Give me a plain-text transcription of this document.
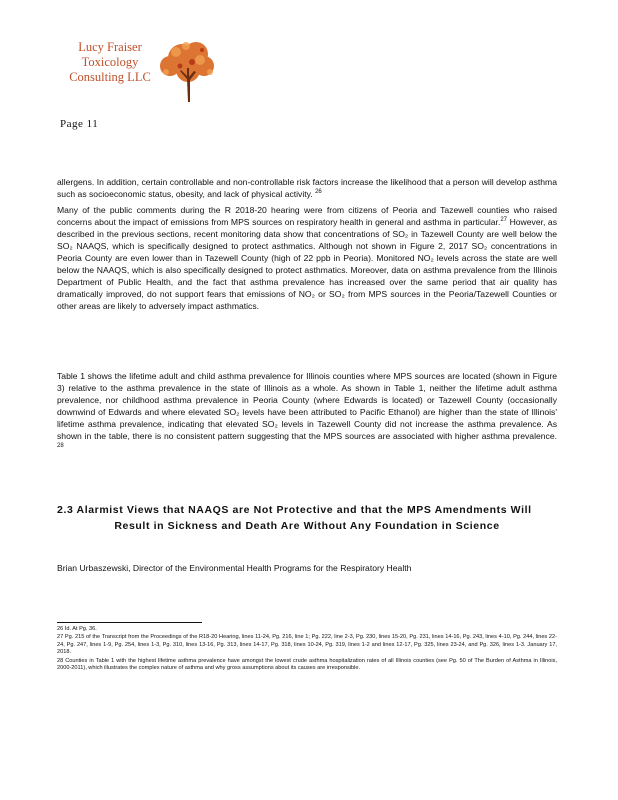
Lucy Fraiser
Toxicology
Consulting LLC
Page 11

allergens. In addition, certain controllable and non-controllable risk factors increase the likelihood that a person will develop asthma such as socioeconomic status, obesity, and lack of physical activity. $^{26}$

Many of the public comments during the R 2018-20 hearing were from citizens of Peoria and Tazewell counties who raised concerns about the impact of emissions from MPS sources on respiratory health in general and asthma in particular.$^{27}$ However, as described in the previous sections, recent monitoring data show that concentrations of SO₂ in Tazewell County are well below the SO₂ NAAQS, which is specifically designed to protect asthmatics. Although not shown in Figure 2, 2017 SO₂ concentrations in Peoria County are even lower than in Tazewell County (high of 22 ppb in Peoria). Monitored NO₂ levels across the state are well below the NAAQS, which is also specifically designed to protect asthmatics. Moreover, data on asthma prevalence from the Illinois Department of Public Health, and the fact that asthma prevalence has increased over the same period that air quality has dramatically improved, do not support fears that emissions of NO₂ or SO₂ from MPS sources in the Peoria/Tazewell Counties or other areas are likely to adversely impact asthmatics.

Table 1 shows the lifetime adult and child asthma prevalence for Illinois counties where MPS sources are located (shown in Figure 3) relative to the asthma prevalence in the state of Illinois as a whole. As shown in Table 1, neither the lifetime adult asthma prevalence, nor childhood asthma prevalence in Peoria County (where Edwards is located) or Tazewell County (occasionally downwind of Edwards and where elevated SO₂ levels have been attributed to Pacific Ethanol) are higher than the state of Illinois' lifetime asthma prevalence, indicating that elevated SO₂ levels in Tazewell County did not increase the asthma prevalence. As shown in the table, there is no consistent pattern suggesting that the MPS sources are associated with higher asthma prevalence. $^{28}$

2.3 Alarmist Views that NAAQS are Not Protective and that the MPS Amendments Will
Result in Sickness and Death Are Without Any Foundation in Science

Brian Urbaszewski, Director of the Environmental Health Programs for the Respiratory Health

26 Id. At Pg. 36.

27 Pg. 215 of the Transcript from the Proceedings of the R18-20 Hearing, lines 11-24, Pg. 216, line 1; Pg. 222, line 2-3, Pg. 230, lines 15-20, Pg. 231, lines 14-16, Pg. 243, lines 4-10, Pg. 244, lines 22-24, Pg. 247, lines 1-9, Pg. 254, lines 1-3, Pg. 310, lines 13-16, Pg. 313, lines 14-17, Pg. 318, lines 10-24, Pg. 319, lines 1-2 and lines 12-17, Pg. 325, lines 23-24, and Pg. 326, lines 1-3. January 17, 2018.

28 Counties in Table 1 with the highest lifetime asthma prevalence have amongst the lowest crude asthma hospitalization rates of all Illinois counties (see Pg. 50 of The Burden of Asthma in Illinois, 2000-2011), which illustrates the complex nature of asthma and why gross assumptions about its causes are irresponsible.
